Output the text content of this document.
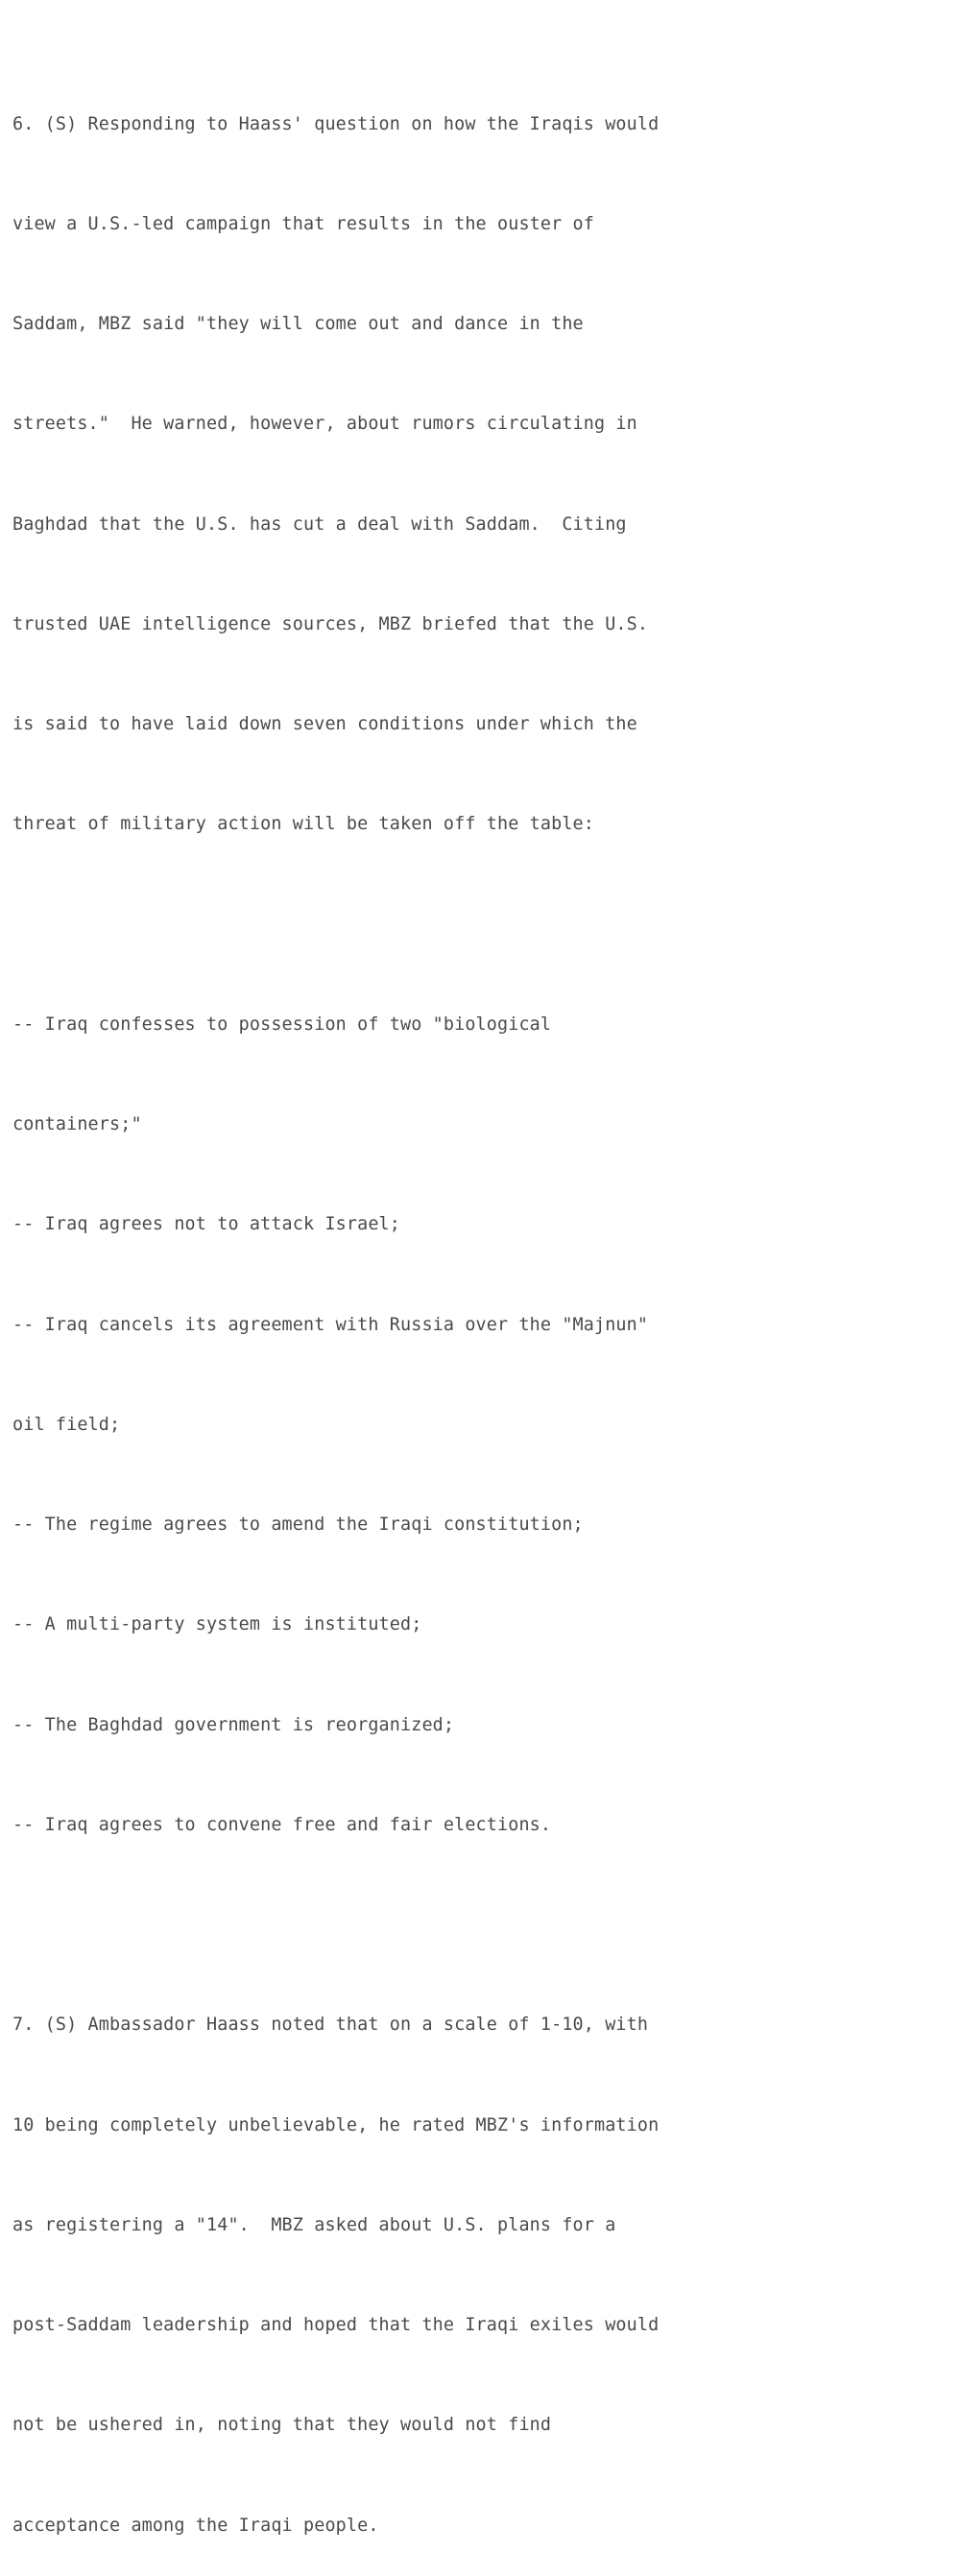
6. (S) Responding to Haass' question on how the Iraqis would

view a U.S.-led campaign that results in the ouster of

Saddam, MBZ said "they will come out and dance in the

streets."  He warned, however, about rumors circulating in

Baghdad that the U.S. has cut a deal with Saddam.  Citing

trusted UAE intelligence sources, MBZ briefed that the U.S.

is said to have laid down seven conditions under which the

threat of military action will be taken off the table:

-- Iraq confesses to possession of two "biological

containers;"

-- Iraq agrees not to attack Israel;

-- Iraq cancels its agreement with Russia over the "Majnun"

oil field;

-- The regime agrees to amend the Iraqi constitution;

-- A multi-party system is instituted;

-- The Baghdad government is reorganized;

-- Iraq agrees to convene free and fair elections.

7. (S) Ambassador Haass noted that on a scale of 1-10, with

10 being completely unbelievable, he rated MBZ's information

as registering a "14".  MBZ asked about U.S. plans for a

post-Saddam leadership and hoped that the Iraqi exiles would

not be ushered in, noting that they would not find

acceptance among the Iraqi people.
